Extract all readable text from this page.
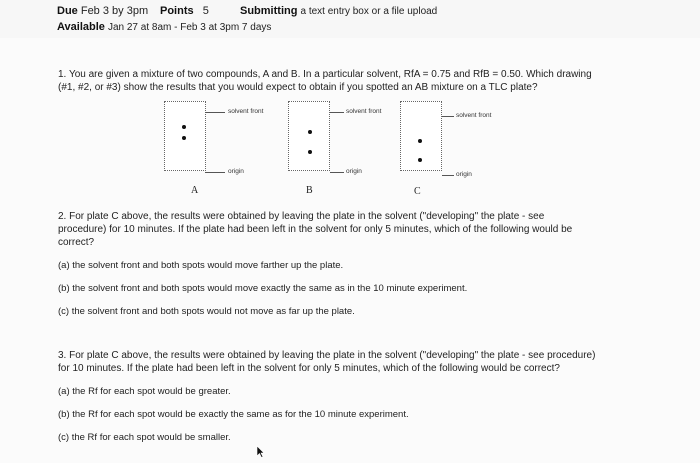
Due Feb 3 by 3pm Points 5	Submitting a text entry box or a file upload
Available Jan 27 at 8am - Feb 3 at 3pm 7 days
1. You are given a mixture of two compounds, A and B. In a particular solvent, RfA = 0.75 and RfB = 0.50. Which drawing
(#1, #2, or #3) show the results that you would expect to obtain if you spotted an AB mixture on a TLC plate?
solvent front
origin
A
solvent front
origin
B
solvent front
origin
C
2. For plate C above, the results were obtained by leaving the plate in the solvent ("developing" the plate - see
procedure) for 10 minutes. If the plate had been left in the solvent for only 5 minutes, which of the following would be
correct?
(a) the solvent front and both spots would move farther up the plate.
(b) the solvent front and both spots would move exactly the same as in the 10 minute experiment.
(c) the solvent front and both spots would not move as far up the plate.
3. For plate C above, the results were obtained by leaving the plate in the solvent ("developing" the plate - see procedure)
for 10 minutes. If the plate had been left in the solvent for only 5 minutes, which of the following would be correct?
(a) the Rf for each spot would be greater.
(b) the Rf for each spot would be exactly the same as for the 10 minute experiment.
(c) the Rf for each spot would be smaller.
